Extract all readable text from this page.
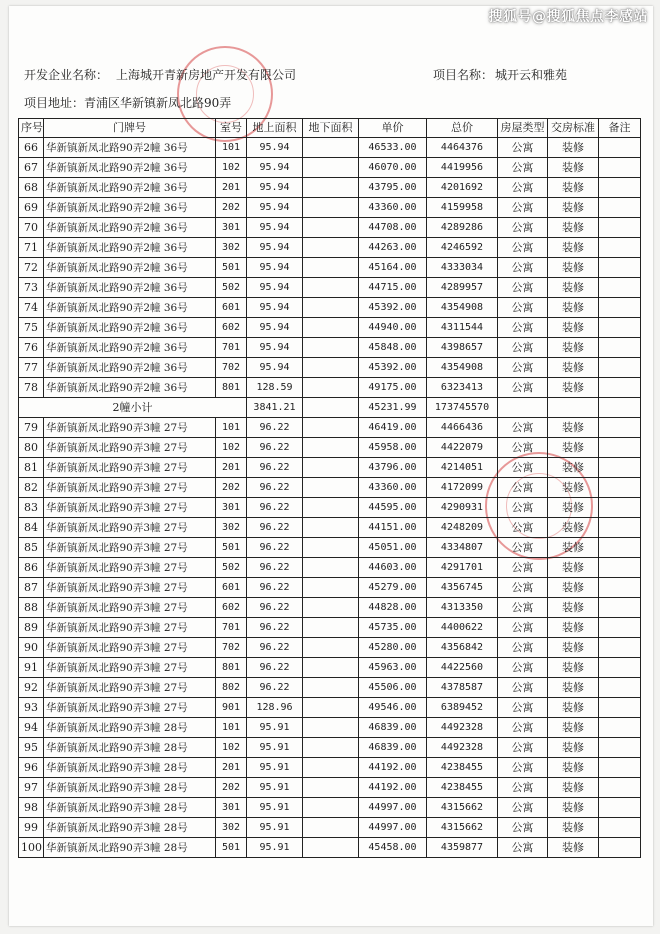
开发企业名称： 上海城开青新房地产开发有限公司	项目名称： 城开云和雅苑
项目地址：青浦区华新镇新凤北路90弄
序号	门牌号	室号	地上面积	地下面积	单价	总价	房屋类型	交房标准	备注
66	华新镇新凤北路90弄2幢 36号	101	95.94		46533.00	4464376	公寓	装修	
67	华新镇新凤北路90弄2幢 36号	102	95.94		46070.00	4419956	公寓	装修	
68	华新镇新凤北路90弄2幢 36号	201	95.94		43795.00	4201692	公寓	装修	
69	华新镇新凤北路90弄2幢 36号	202	95.94		43360.00	4159958	公寓	装修	
70	华新镇新凤北路90弄2幢 36号	301	95.94		44708.00	4289286	公寓	装修	
71	华新镇新凤北路90弄2幢 36号	302	95.94		44263.00	4246592	公寓	装修	
72	华新镇新凤北路90弄2幢 36号	501	95.94		45164.00	4333034	公寓	装修	
73	华新镇新凤北路90弄2幢 36号	502	95.94		44715.00	4289957	公寓	装修	
74	华新镇新凤北路90弄2幢 36号	601	95.94		45392.00	4354908	公寓	装修	
75	华新镇新凤北路90弄2幢 36号	602	95.94		44940.00	4311544	公寓	装修	
76	华新镇新凤北路90弄2幢 36号	701	95.94		45848.00	4398657	公寓	装修	
77	华新镇新凤北路90弄2幢 36号	702	95.94		45392.00	4354908	公寓	装修	
78	华新镇新凤北路90弄2幢 36号	801	128.59		49175.00	6323413	公寓	装修	
2幢小计			3841.21		45231.99	173745570			
79	华新镇新凤北路90弄3幢 27号	101	96.22		46419.00	4466436	公寓	装修	
80	华新镇新凤北路90弄3幢 27号	102	96.22		45958.00	4422079	公寓	装修	
81	华新镇新凤北路90弄3幢 27号	201	96.22		43796.00	4214051	公寓	装修	
82	华新镇新凤北路90弄3幢 27号	202	96.22		43360.00	4172099	公寓	装修	
83	华新镇新凤北路90弄3幢 27号	301	96.22		44595.00	4290931	公寓	装修	
84	华新镇新凤北路90弄3幢 27号	302	96.22		44151.00	4248209	公寓	装修	
85	华新镇新凤北路90弄3幢 27号	501	96.22		45051.00	4334807	公寓	装修	
86	华新镇新凤北路90弄3幢 27号	502	96.22		44603.00	4291701	公寓	装修	
87	华新镇新凤北路90弄3幢 27号	601	96.22		45279.00	4356745	公寓	装修	
88	华新镇新凤北路90弄3幢 27号	602	96.22		44828.00	4313350	公寓	装修	
89	华新镇新凤北路90弄3幢 27号	701	96.22		45735.00	4400622	公寓	装修	
90	华新镇新凤北路90弄3幢 27号	702	96.22		45280.00	4356842	公寓	装修	
91	华新镇新凤北路90弄3幢 27号	801	96.22		45963.00	4422560	公寓	装修	
92	华新镇新凤北路90弄3幢 27号	802	96.22		45506.00	4378587	公寓	装修	
93	华新镇新凤北路90弄3幢 27号	901	128.96		49546.00	6389452	公寓	装修	
94	华新镇新凤北路90弄3幢 28号	101	95.91		46839.00	4492328	公寓	装修	
95	华新镇新凤北路90弄3幢 28号	102	95.91		46839.00	4492328	公寓	装修	
96	华新镇新凤北路90弄3幢 28号	201	95.91		44192.00	4238455	公寓	装修	
97	华新镇新凤北路90弄3幢 28号	202	95.91		44192.00	4238455	公寓	装修	
98	华新镇新凤北路90弄3幢 28号	301	95.91		44997.00	4315662	公寓	装修	
99	华新镇新凤北路90弄3幢 28号	302	95.91		44997.00	4315662	公寓	装修	
100	华新镇新凤北路90弄3幢 28号	501	95.91		45458.00	4359877	公寓	装修	
搜狐号@搜狐焦点李感站
